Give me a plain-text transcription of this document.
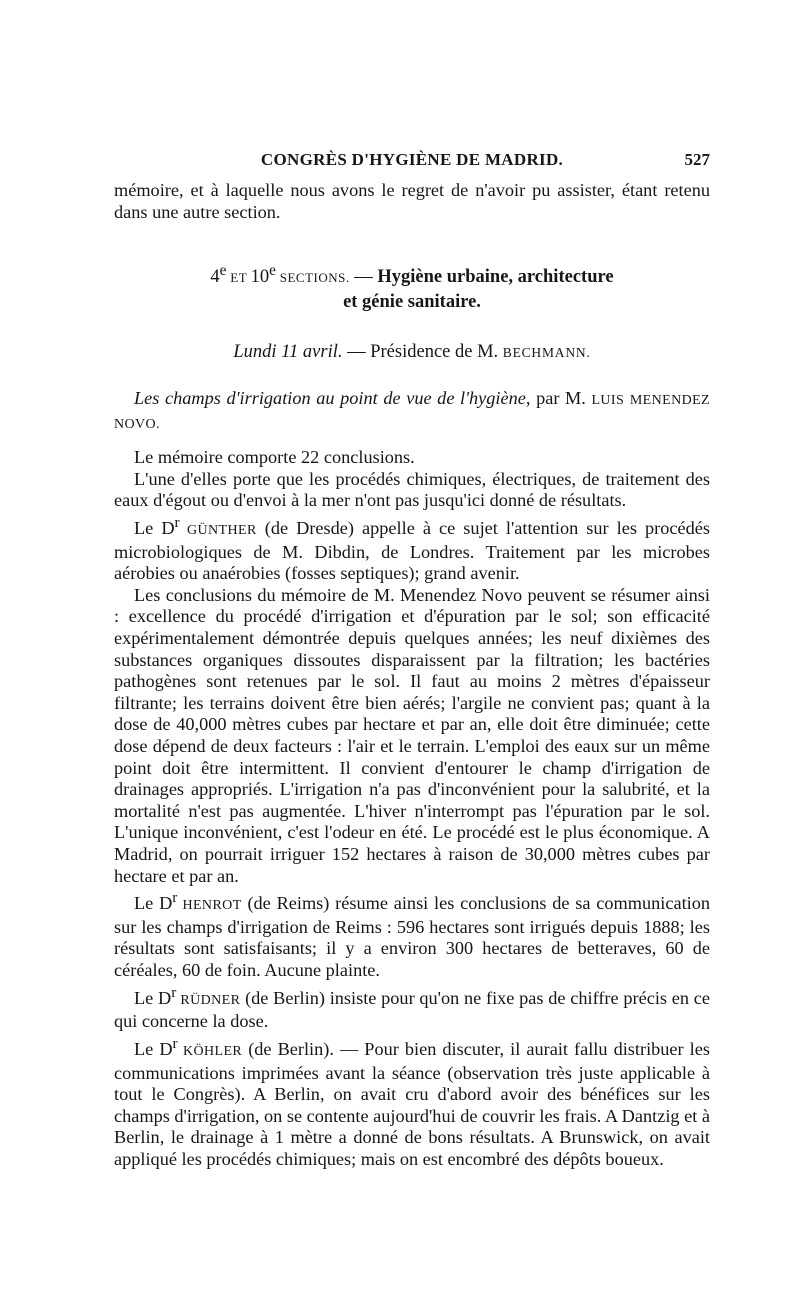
CONGRÈS D'HYGIÈNE DE MADRID.	527

mémoire, et à laquelle nous avons le regret de n'avoir pu assister, étant retenu dans une autre section.

4e ET 10e SECTIONS. — Hygiène urbaine, architecture
et génie sanitaire.
Lundi 11 avril. — Présidence de M. BECHMANN.

Les champs d'irrigation au point de vue de l'hygiène, par M. LUIS MENENDEZ NOVO.

Le mémoire comporte 22 conclusions.

L'une d'elles porte que les procédés chimiques, électriques, de traitement des eaux d'égout ou d'envoi à la mer n'ont pas jusqu'ici donné de résultats.

Le $D^r$ GÜNTHER (de Dresde) appelle à ce sujet l'attention sur les procédés microbiologiques de M. Dibdin, de Londres. Traitement par les microbes aérobies ou anaérobies (fosses septiques); grand avenir.

Les conclusions du mémoire de M. Menendez Novo peuvent se résumer ainsi : excellence du procédé d'irrigation et d'épuration par le sol; son efficacité expérimentalement démontrée depuis quelques années; les neuf dixièmes des substances organiques dissoutes disparaissent par la filtration; les bactéries pathogènes sont retenues par le sol. Il faut au moins 2 mètres d'épaisseur filtrante; les terrains doivent être bien aérés; l'argile ne convient pas; quant à la dose de 40,000 mètres cubes par hectare et par an, elle doit être diminuée; cette dose dépend de deux facteurs : l'air et le terrain. L'emploi des eaux sur un même point doit être intermittent. Il convient d'entourer le champ d'irrigation de drainages appropriés. L'irrigation n'a pas d'inconvénient pour la salubrité, et la mortalité n'est pas augmentée. L'hiver n'interrompt pas l'épuration par le sol. L'unique inconvénient, c'est l'odeur en été. Le procédé est le plus économique. A Madrid, on pourrait irriguer 152 hectares à raison de 30,000 mètres cubes par hectare et par an.

Le $D^r$ HENROT (de Reims) résume ainsi les conclusions de sa communication sur les champs d'irrigation de Reims : 596 hectares sont irrigués depuis 1888; les résultats sont satisfaisants; il y a environ 300 hectares de betteraves, 60 de céréales, 60 de foin. Aucune plainte.

Le $D^r$ RÜDNER (de Berlin) insiste pour qu'on ne fixe pas de chiffre précis en ce qui concerne la dose.

Le $D^r$ KÖHLER (de Berlin). — Pour bien discuter, il aurait fallu distribuer les communications imprimées avant la séance (observation très juste applicable à tout le Congrès). A Berlin, on avait cru d'abord avoir des bénéfices sur les champs d'irrigation, on se contente aujourd'hui de couvrir les frais. A Dantzig et à Berlin, le drainage à 1 mètre a donné de bons résultats. A Brunswick, on avait appliqué les procédés chimiques; mais on est encombré des dépôts boueux.
